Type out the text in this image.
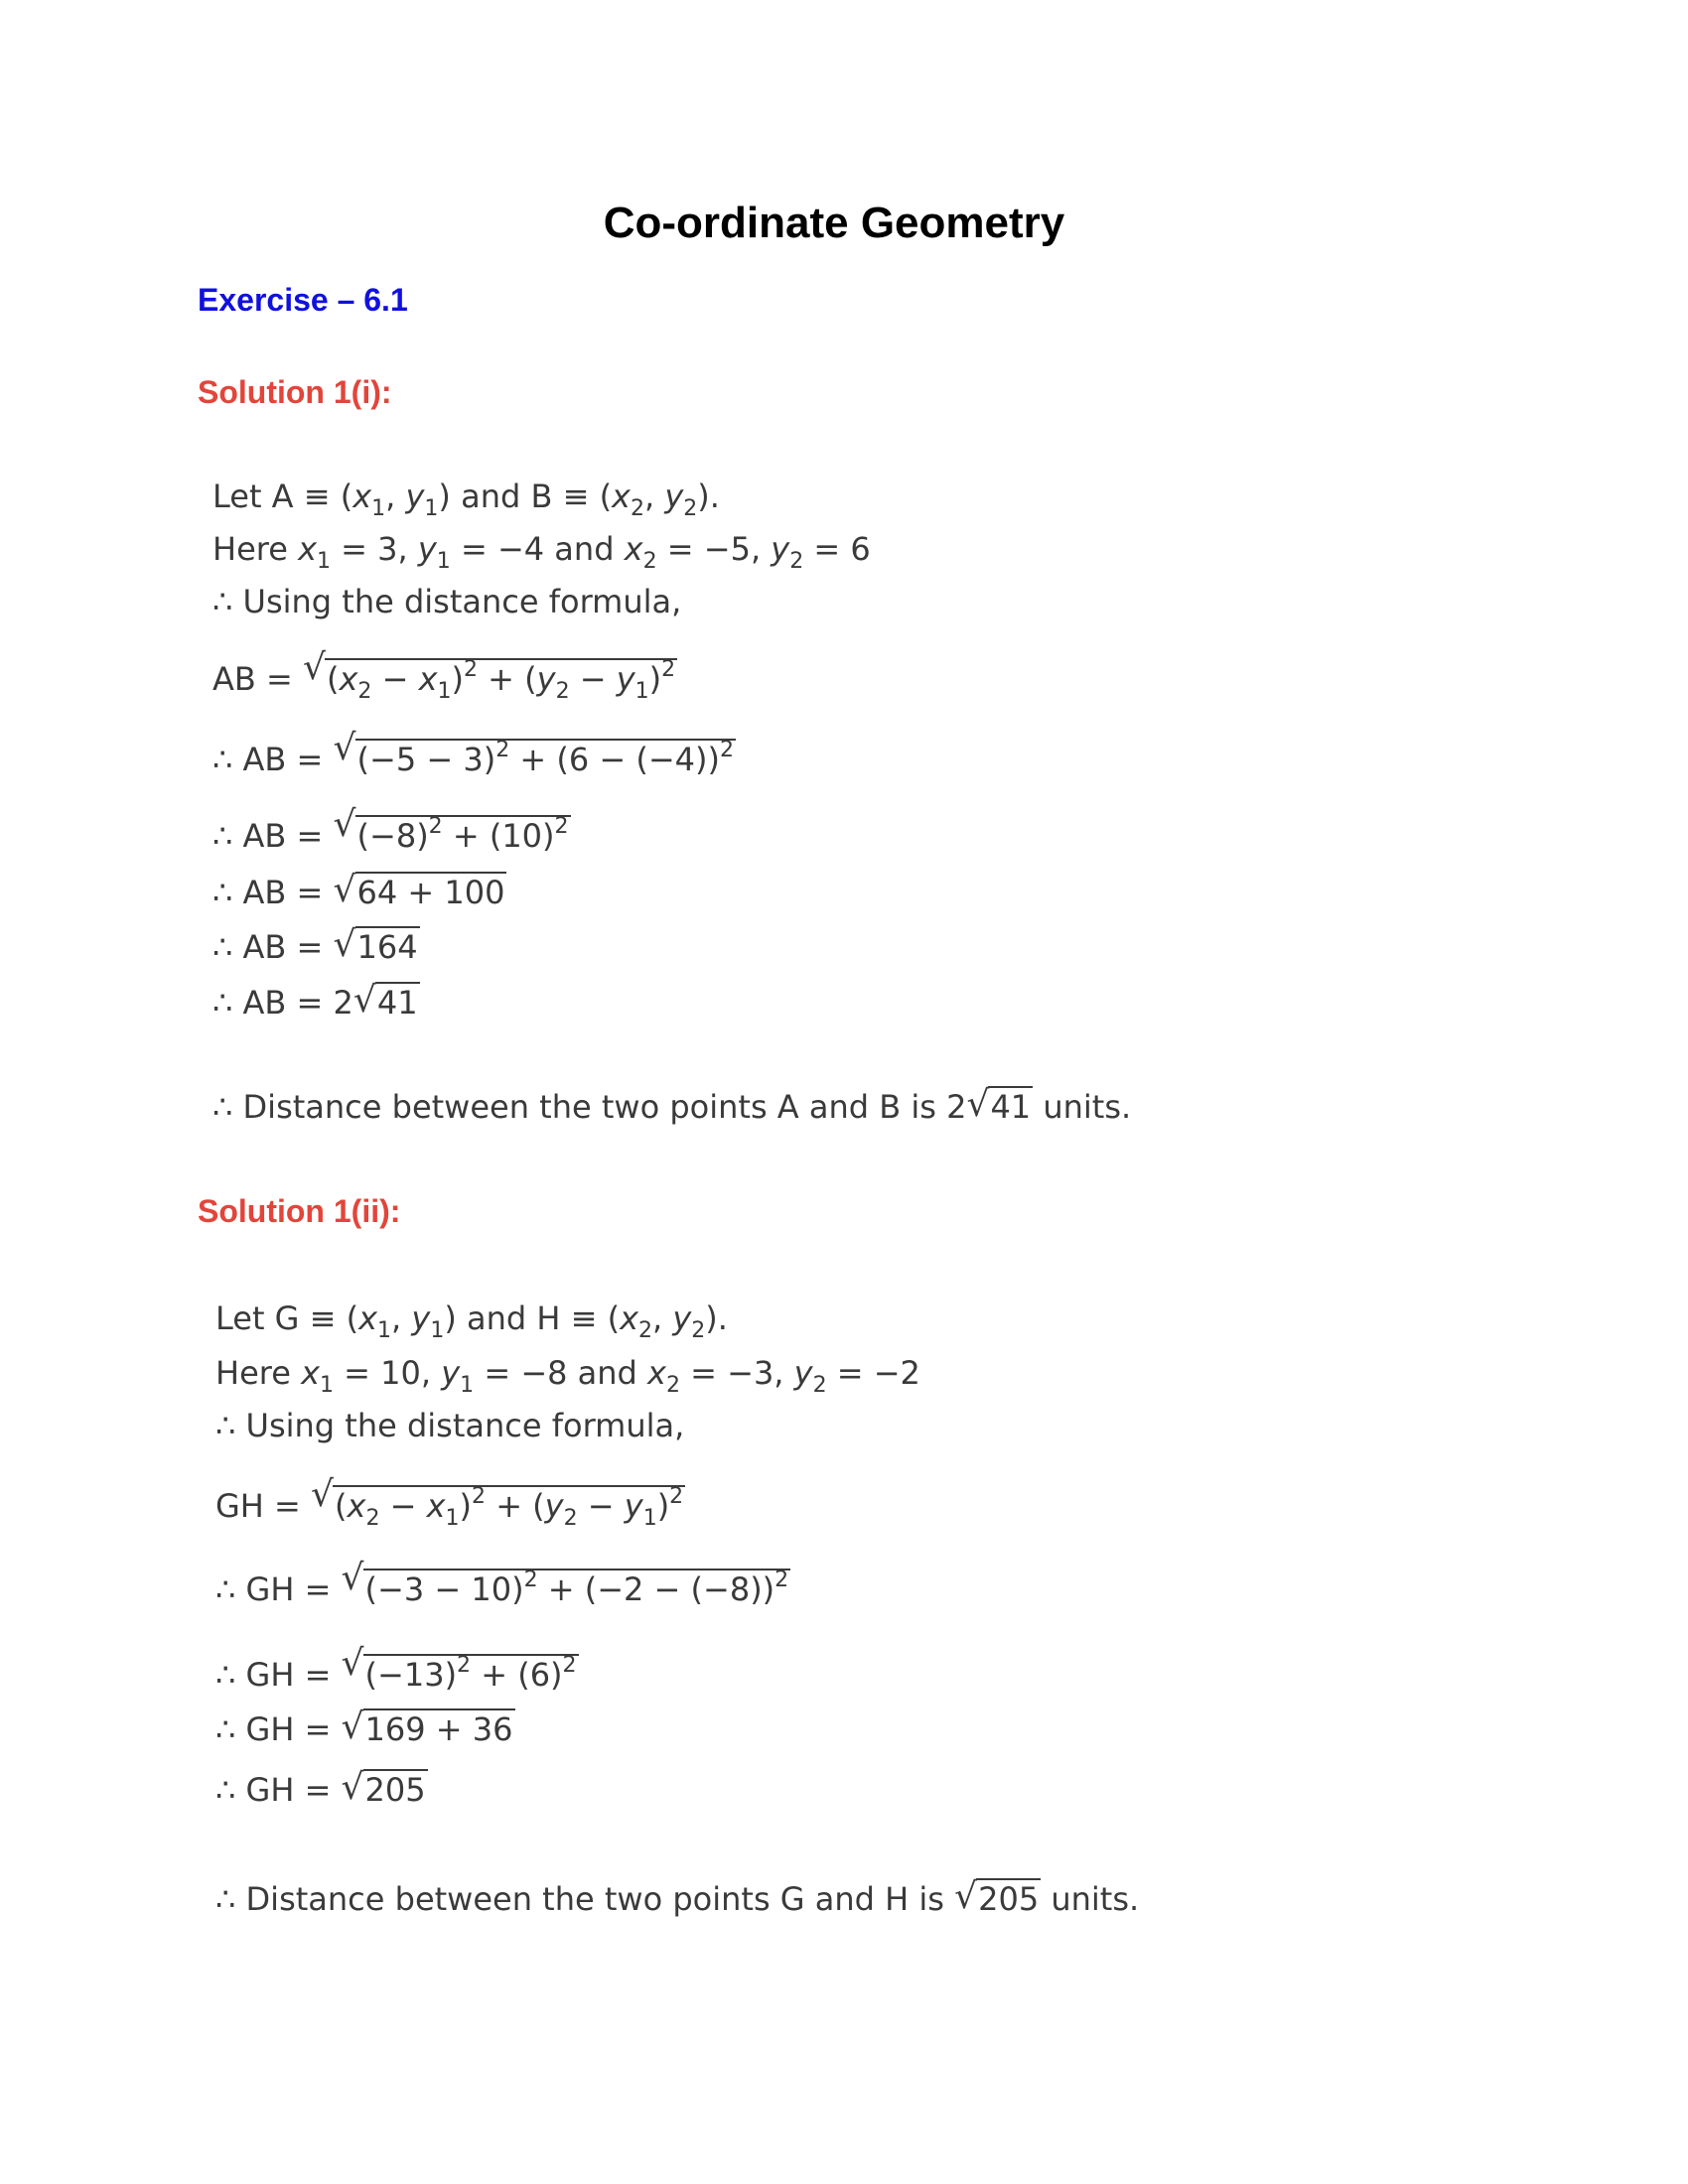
Co-ordinate Geometry
Exercise – 6.1
Solution 1(i):
Let $A \equiv (x_1$, $y_1$) and $B \equiv (x_2$, $y_2$).
Here $x_1 = 3$, $y_1 = -4$ and $x_2 = -5$, $y_2 = 6$
∴ Using the distance formula,
AB = √ $(x_2 - x_1)^2 + (y_2 - y_1)^2$
∴ AB = √ $(-5 - 3)^2 + (6 - (-4))^2$
∴ AB = √ $(-8)^2 + (10)^2$
∴ AB = √ 64 + 100
∴ AB = √ 164
∴ AB = 2 √ 41
∴ Distance between the two points A and B is 2 √ 41 units.
Solution 1(ii):
Let $G \equiv (x_1$, $y_1$) and $H \equiv (x_2$, $y_2$).
Here $x_1 = 10$, $y_1 = -8$ and $x_2 = -3$, $y_2 = -2$
∴ Using the distance formula,
GH = √ $(x_2 - x_1)^2 + (y_2 - y_1)^2$
∴ GH = √ $(-3 - 10)^2 + (-2 - (-8))^2$
∴ GH = √ $(-13)^2 + (6)^2$
∴ GH = √ 169 + 36
∴ GH = √ 205
∴ Distance between the two points G and H is √ 205 units.
